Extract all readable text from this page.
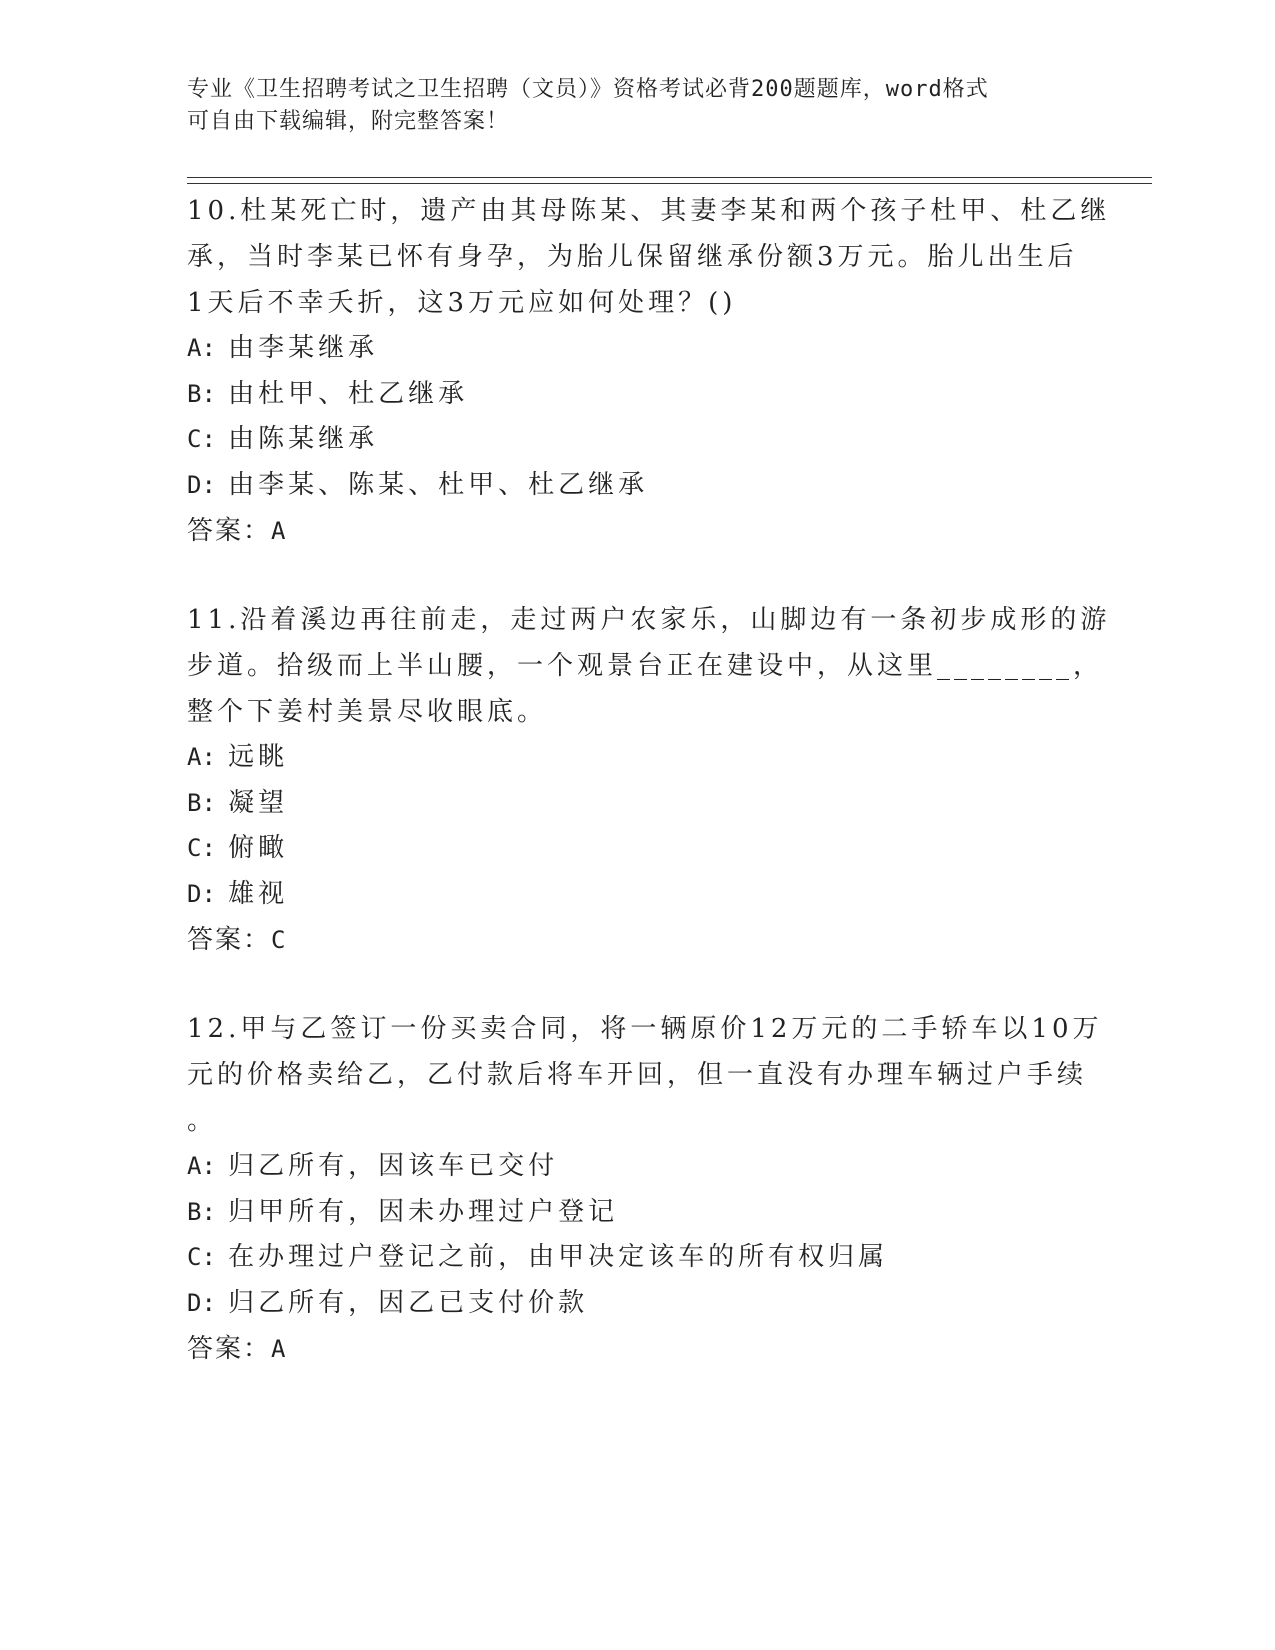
专业《卫生招聘考试之卫生招聘（文员）》资格考试必背200题题库，word格式
可自由下载编辑，附完整答案！
10.杜某死亡时，遗产由其母陈某、其妻李某和两个孩子杜甲、杜乙继
承，当时李某已怀有身孕，为胎儿保留继承份额3万元。胎儿出生后
1天后不幸夭折，这3万元应如何处理？()
A: 由李某继承
B: 由杜甲、杜乙继承
C: 由陈某继承
D: 由李某、陈某、杜甲、杜乙继承
答案：A
11.沿着溪边再往前走，走过两户农家乐，山脚边有一条初步成形的游
步道。拾级而上半山腰，一个观景台正在建设中，从这里________，
整个下姜村美景尽收眼底。
A: 远眺
B: 凝望
C: 俯瞰
D: 雄视
答案：C
12.甲与乙签订一份买卖合同，将一辆原价12万元的二手轿车以10万
元的价格卖给乙，乙付款后将车开回，但一直没有办理车辆过户手续
。
A: 归乙所有，因该车已交付
B: 归甲所有，因未办理过户登记
C: 在办理过户登记之前，由甲决定该车的所有权归属
D: 归乙所有，因乙已支付价款
答案：A
